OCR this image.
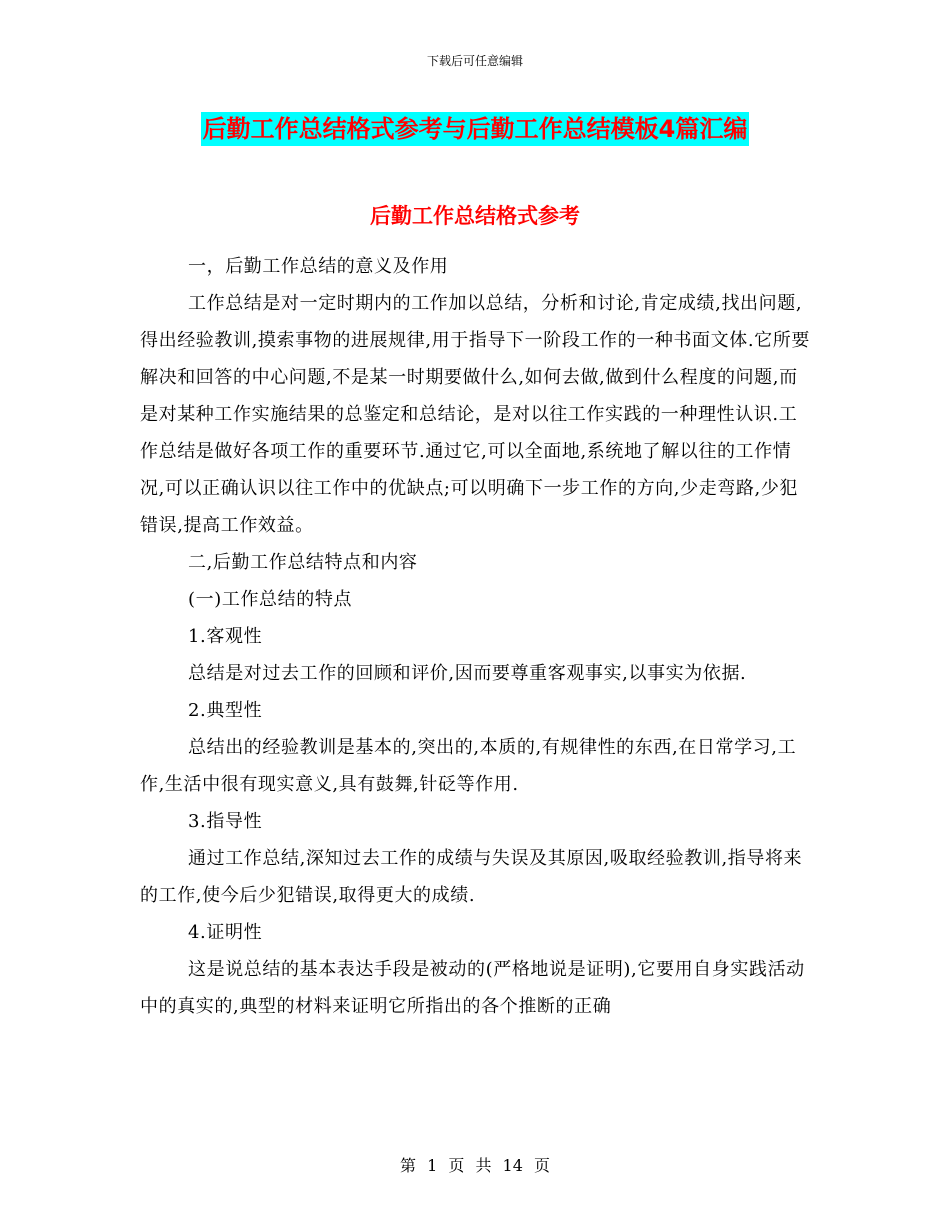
下载后可任意编辑
后勤工作总结格式参考与后勤工作总结模板4篇汇编
后勤工作总结格式参考

一，后勤工作总结的意义及作用

工作总结是对一定时期内的工作加以总结，分析和讨论,肯定成绩,找出问题,得出经验教训,摸索事物的进展规律,用于指导下一阶段工作的一种书面文体.它所要解决和回答的中心问题,不是某一时期要做什么,如何去做,做到什么程度的问题,而是对某种工作实施结果的总鉴定和总结论，是对以往工作实践的一种理性认识.工作总结是做好各项工作的重要环节.通过它,可以全面地,系统地了解以往的工作情况,可以正确认识以往工作中的优缺点;可以明确下一步工作的方向,少走弯路,少犯错误,提高工作效益。

二,后勤工作总结特点和内容

(一)工作总结的特点

1.客观性

总结是对过去工作的回顾和评价,因而要尊重客观事实,以事实为依据.

2.典型性

总结出的经验教训是基本的,突出的,本质的,有规律性的东西,在日常学习,工作,生活中很有现实意义,具有鼓舞,针砭等作用.

3.指导性

通过工作总结,深知过去工作的成绩与失误及其原因,吸取经验教训,指导将来的工作,使今后少犯错误,取得更大的成绩.

4.证明性

这是说总结的基本表达手段是被动的(严格地说是证明),它要用自身实践活动中的真实的,典型的材料来证明它所指出的各个推断的正确

第 1 页 共 14 页
